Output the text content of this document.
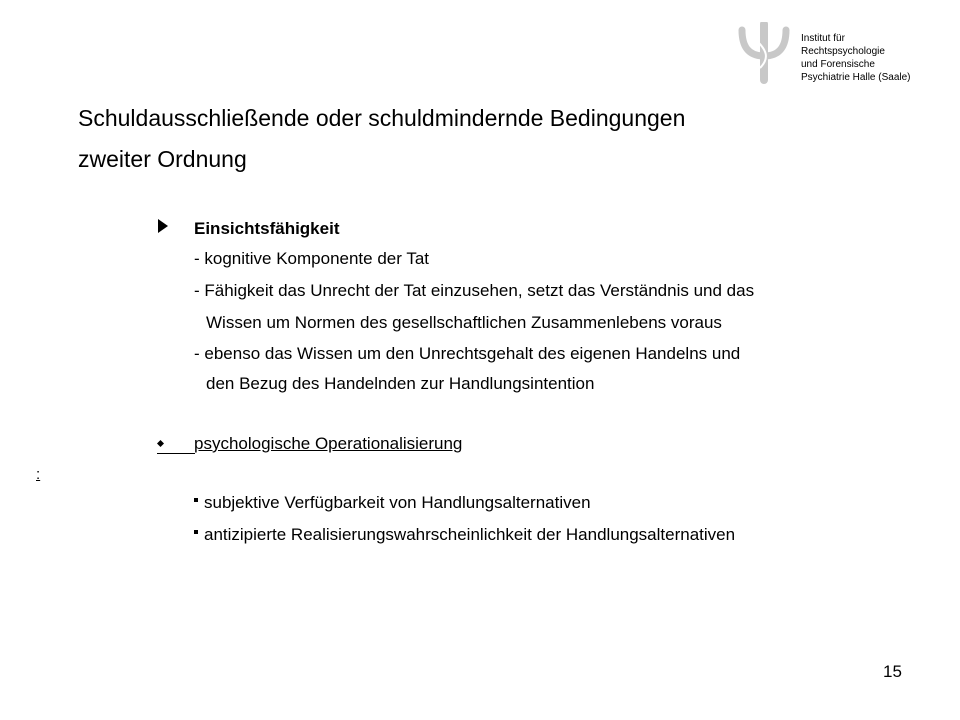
Institut für
Rechtspsychologie
und Forensische
Psychiatrie Halle (Saale)
Schuldausschließende oder schuldmindernde Bedingungen
zweiter Ordnung
Einsichtsfähigkeit
- kognitive Komponente der Tat
- Fähigkeit das Unrecht der Tat einzusehen, setzt das Verständnis und das
Wissen um Normen des gesellschaftlichen Zusammenlebens voraus
- ebenso das Wissen um den Unrechtsgehalt des eigenen Handelns und
den Bezug des Handelnden zur Handlungsintention
psychologische Operationalisierung
:
subjektive Verfügbarkeit von Handlungsalternativen
antizipierte Realisierungswahrscheinlichkeit der Handlungsalternativen
15
